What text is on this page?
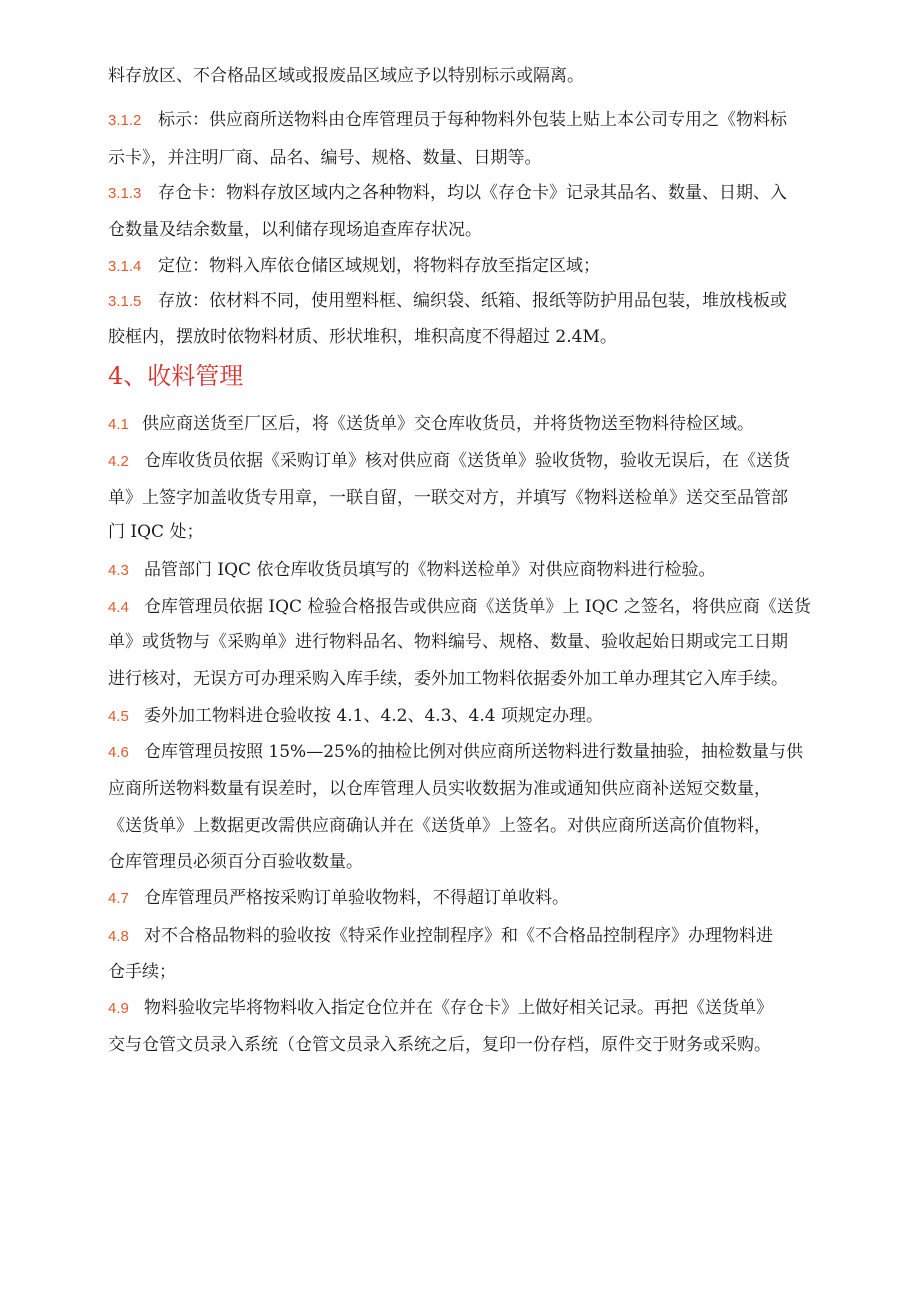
料存放区、不合格品区域或报废品区域应予以特别标示或隔离。
3.1.2 标示：供应商所送物料由仓库管理员于每种物料外包装上贴上本公司专用之《物料标
示卡》，并注明厂商、品名、编号、规格、数量、日期等。
3.1.3 存仓卡：物料存放区域内之各种物料，均以《存仓卡》记录其品名、数量、日期、入
仓数量及结余数量，以利储存现场追查库存状况。
3.1.4 定位：物料入库依仓储区域规划，将物料存放至指定区域；
3.1.5 存放：依材料不同，使用塑料框、编织袋、纸箱、报纸等防护用品包装，堆放栈板或
胶框内，摆放时依物料材质、形状堆积，堆积高度不得超过 2.4M。
4、收料管理
4.1 供应商送货至厂区后，将《送货单》交仓库收货员，并将货物送至物料待检区域。
4.2 仓库收货员依据《采购订单》核对供应商《送货单》验收货物，验收无误后，在《送货
单》上签字加盖收货专用章，一联自留，一联交对方，并填写《物料送检单》送交至品管部
门 IQC 处；
4.3 品管部门 IQC 依仓库收货员填写的《物料送检单》对供应商物料进行检验。
4.4 仓库管理员依据 IQC 检验合格报告或供应商《送货单》上 IQC 之签名，将供应商《送货
单》或货物与《采购单》进行物料品名、物料编号、规格、数量、验收起始日期或完工日期
进行核对，无误方可办理采购入库手续，委外加工物料依据委外加工单办理其它入库手续。
4.5 委外加工物料进仓验收按 4.1、4.2、4.3、4.4 项规定办理。
4.6 仓库管理员按照 15%—25%的抽检比例对供应商所送物料进行数量抽验，抽检数量与供
应商所送物料数量有误差时，以仓库管理人员实收数据为准或通知供应商补送短交数量，
《送货单》上数据更改需供应商确认并在《送货单》上签名。对供应商所送高价值物料，
仓库管理员必须百分百验收数量。
4.7 仓库管理员严格按采购订单验收物料，不得超订单收料。
4.8 对不合格品物料的验收按《特采作业控制程序》和《不合格品控制程序》办理物料进
仓手续；
4.9 物料验收完毕将物料收入指定仓位并在《存仓卡》上做好相关记录。再把《送货单》
交与仓管文员录入系统（仓管文员录入系统之后，复印一份存档，原件交于财务或采购。
